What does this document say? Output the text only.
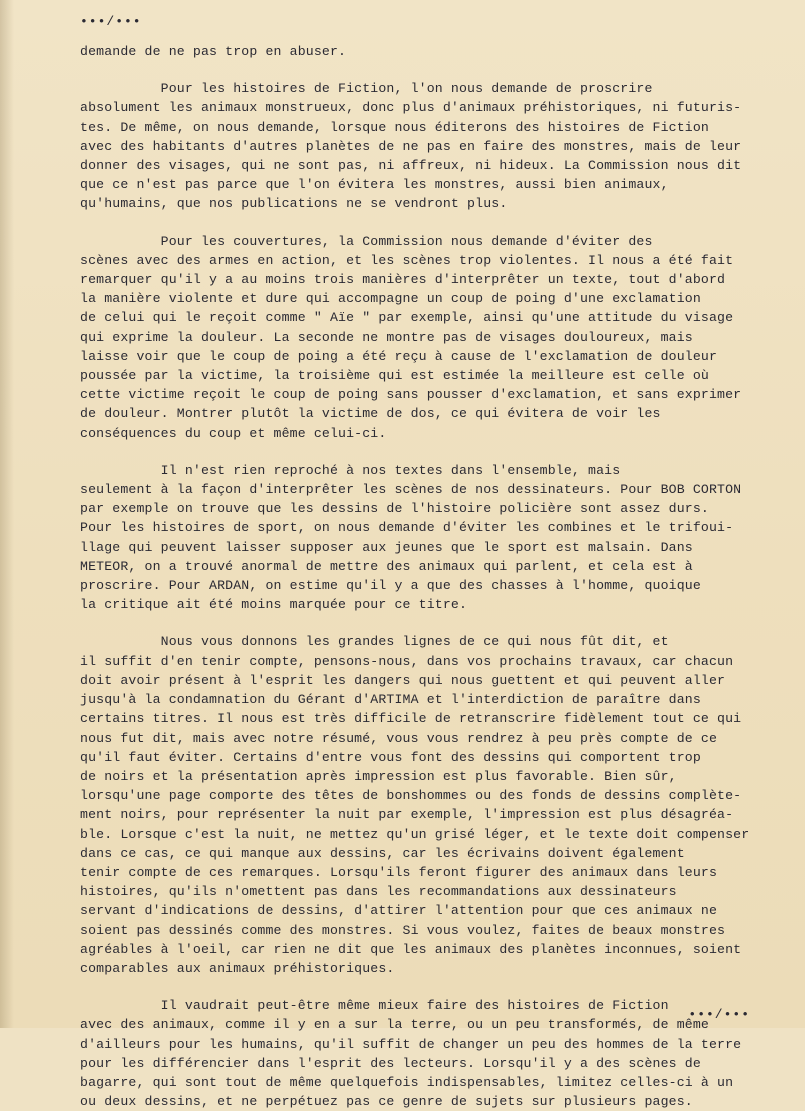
•••/•••
demande de ne pas trop en abuser.
Pour les histoires de Fiction, l'on nous demande de proscrire
absolument les animaux monstrueux, donc plus d'animaux préhistoriques, ni futuris-
tes. De même, on nous demande, lorsque nous éditerons des histoires de Fiction
avec des habitants d'autres planètes de ne pas en faire des monstres, mais de leur
donner des visages, qui ne sont pas, ni affreux, ni hideux. La Commission nous dit
que ce n'est pas parce que l'on évitera les monstres, aussi bien animaux,
qu'humains, que nos publications ne se vendront plus.
Pour les couvertures, la Commission nous demande d'éviter des
scènes avec des armes en action, et les scènes trop violentes. Il nous a été fait
remarquer qu'il y a au moins trois manières d'interprêter un texte, tout d'abord
la manière violente et dure qui accompagne un coup de poing d'une exclamation
de celui qui le reçoit comme " Aïe " par exemple, ainsi qu'une attitude du visage
qui exprime la douleur. La seconde ne montre pas de visages douloureux, mais
laisse voir que le coup de poing a été reçu à cause de l'exclamation de douleur
poussée par la victime, la troisième qui est estimée la meilleure est celle où
cette victime reçoit le coup de poing sans pousser d'exclamation, et sans exprimer
de douleur. Montrer plutôt la victime de dos, ce qui évitera de voir les
conséquences du coup et même celui-ci.
Il n'est rien reproché à nos textes dans l'ensemble, mais
seulement à la façon d'interprêter les scènes de nos dessinateurs. Pour BOB CORTON
par exemple on trouve que les dessins de l'histoire policière sont assez durs.
Pour les histoires de sport, on nous demande d'éviter les combines et le trifoui-
llage qui peuvent laisser supposer aux jeunes que le sport est malsain. Dans
METEOR, on a trouvé anormal de mettre des animaux qui parlent, et cela est à
proscrire. Pour ARDAN, on estime qu'il y a que des chasses à l'homme, quoique
la critique ait été moins marquée pour ce titre.
Nous vous donnons les grandes lignes de ce qui nous fût dit, et
il suffit d'en tenir compte, pensons-nous, dans vos prochains travaux, car chacun
doit avoir présent à l'esprit les dangers qui nous guettent et qui peuvent aller
jusqu'à la condamnation du Gérant d'ARTIMA et l'interdiction de paraître dans
certains titres. Il nous est très difficile de retranscrire fidèlement tout ce qui
nous fut dit, mais avec notre résumé, vous vous rendrez à peu près compte de ce
qu'il faut éviter. Certains d'entre vous font des dessins qui comportent trop
de noirs et la présentation après impression est plus favorable. Bien sûr,
lorsqu'une page comporte des têtes de bonshommes ou des fonds de dessins complète-
ment noirs, pour représenter la nuit par exemple, l'impression est plus désagréa-
ble. Lorsque c'est la nuit, ne mettez qu'un grisé léger, et le texte doit compenser
dans ce cas, ce qui manque aux dessins, car les écrivains doivent également
tenir compte de ces remarques. Lorsqu'ils feront figurer des animaux dans leurs
histoires, qu'ils n'omettent pas dans les recommandations aux dessinateurs
servant d'indications de dessins, d'attirer l'attention pour que ces animaux ne
soient pas dessinés comme des monstres. Si vous voulez, faites de beaux monstres
agréables à l'oeil, car rien ne dit que les animaux des planètes inconnues, soient
comparables aux animaux préhistoriques.
Il vaudrait peut-être même mieux faire des histoires de Fiction
avec des animaux, comme il y en a sur la terre, ou un peu transformés, de même
d'ailleurs pour les humains, qu'il suffit de changer un peu des hommes de la terre
pour les différencier dans l'esprit des lecteurs. Lorsqu'il y a des scènes de
bagarre, qui sont tout de même quelquefois indispensables, limitez celles-ci à un
ou deux dessins, et ne perpétuez pas ce genre de sujets sur plusieurs pages.
•••/•••
